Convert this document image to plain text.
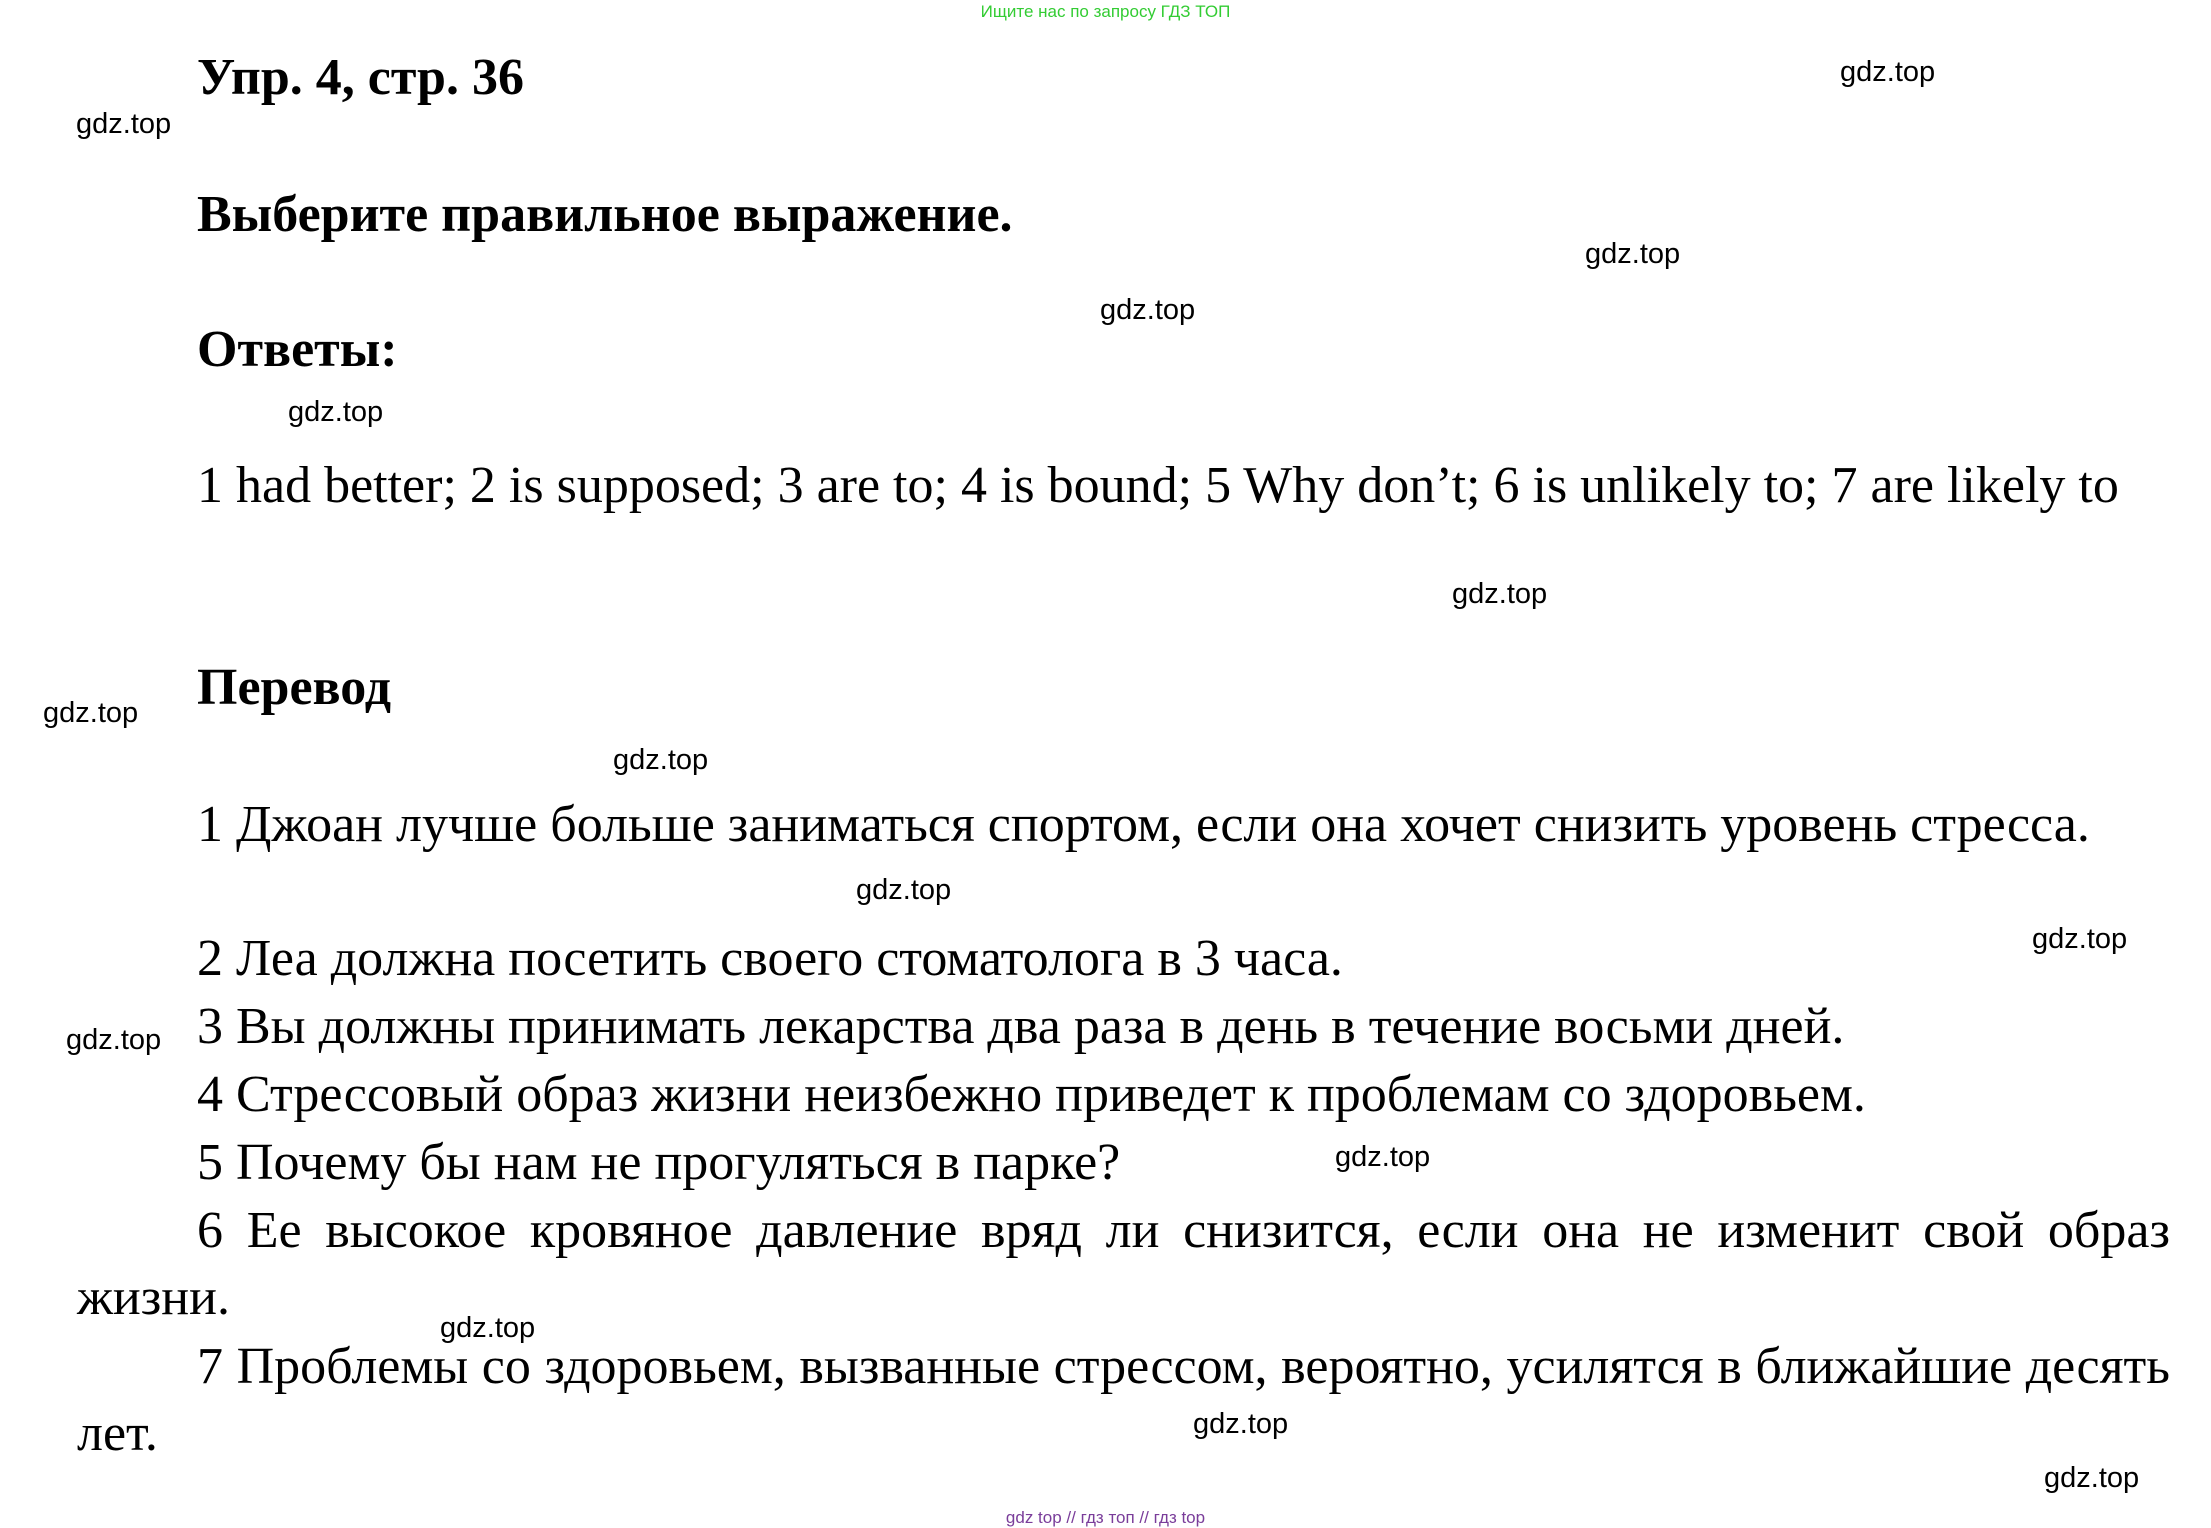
Ищите нас по запросу ГДЗ ТОП
Упр. 4, стр. 36
Выберите правильное выражение.
Ответы:
1 had better; 2 is supposed; 3 are to; 4 is bound; 5 Why don’t; 6 is unlikely to; 7 are likely to
Перевод
1 Джоан лучше больше заниматься спортом, если она хочет снизить уровень стресса.
2 Леа должна посетить своего стоматолога в 3 часа.
3 Вы должны принимать лекарства два раза в день в течение восьми дней.
4 Стрессовый образ жизни неизбежно приведет к проблемам со здоровьем.
5 Почему бы нам не прогуляться в парке?
6 Ее высокое кровяное давление вряд ли снизится, если она не изменит свой образ жизни.
7 Проблемы со здоровьем, вызванные стрессом, вероятно, усилятся в ближайшие десять лет.
gdz.top
gdz.top
gdz.top
gdz.top
gdz.top
gdz.top
gdz.top
gdz.top
gdz.top
gdz.top
gdz.top
gdz.top
gdz.top
gdz.top
gdz.top
gdz top // гдз топ // гдз top
